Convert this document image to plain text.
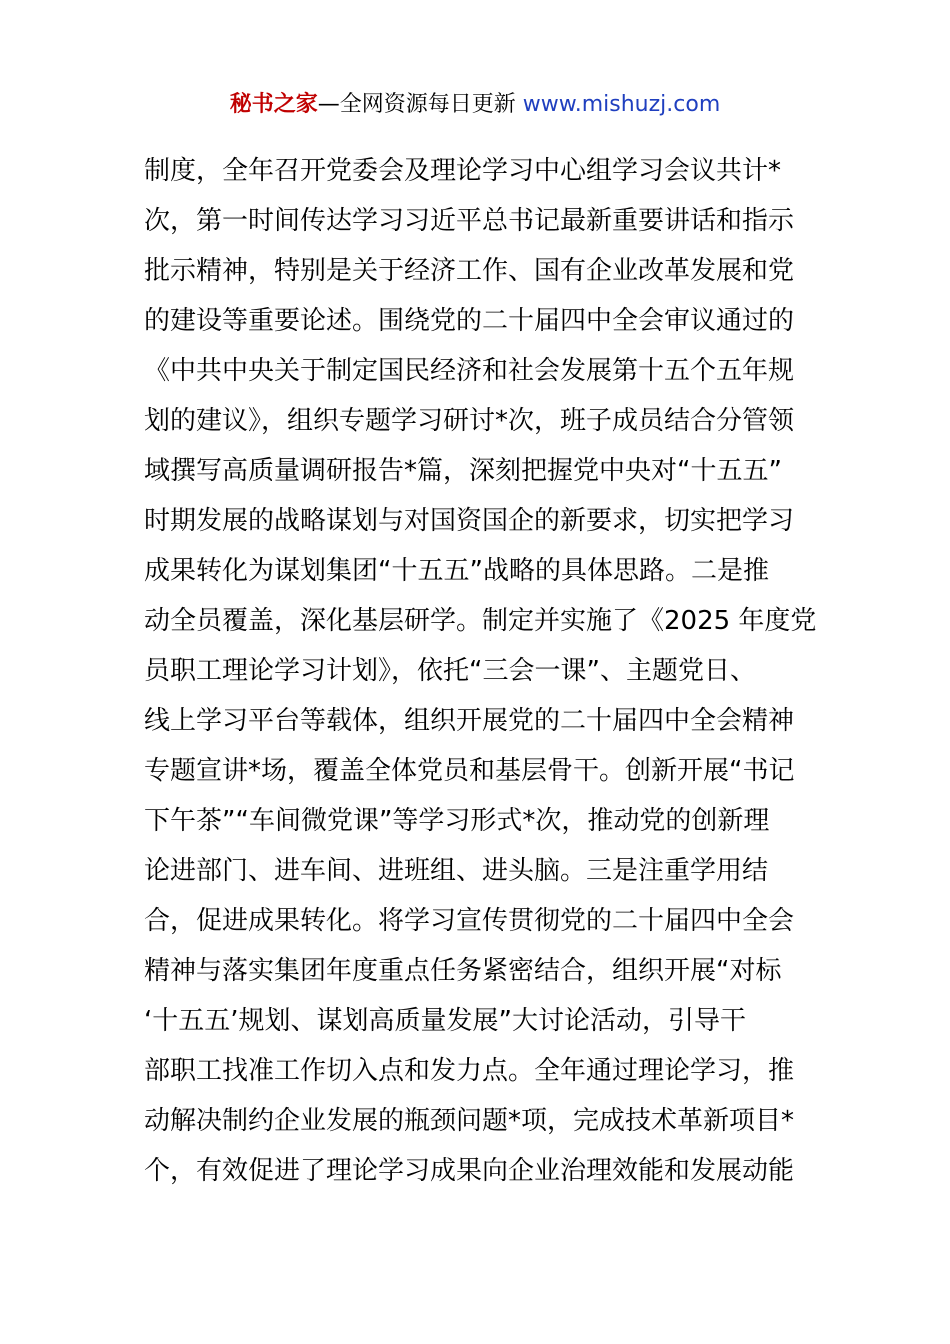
秘书之家—全网资源每日更新 www.mishuzj.com
制度，全年召开党委会及理论学习中心组学习会议共计*
次，第一时间传达学习习近平总书记最新重要讲话和指示
批示精神，特别是关于经济工作、国有企业改革发展和党
的建设等重要论述。围绕党的二十届四中全会审议通过的
《中共中央关于制定国民经济和社会发展第十五个五年规
划的建议》，组织专题学习研讨*次，班子成员结合分管领
域撰写高质量调研报告*篇，深刻把握党中央对“十五五”
时期发展的战略谋划与对国资国企的新要求，切实把学习
成果转化为谋划集团“十五五”战略的具体思路。二是推
动全员覆盖，深化基层研学。制定并实施了《2025 年度党
员职工理论学习计划》，依托“三会一课”、主题党日、
线上学习平台等载体，组织开展党的二十届四中全会精神
专题宣讲*场，覆盖全体党员和基层骨干。创新开展“书记
下午茶”“车间微党课”等学习形式*次，推动党的创新理
论进部门、进车间、进班组、进头脑。三是注重学用结
合，促进成果转化。将学习宣传贯彻党的二十届四中全会
精神与落实集团年度重点任务紧密结合，组织开展“对标
‘十五五’规划、谋划高质量发展”大讨论活动，引导干
部职工找准工作切入点和发力点。全年通过理论学习，推
动解决制约企业发展的瓶颈问题*项，完成技术革新项目*
个，有效促进了理论学习成果向企业治理效能和发展动能
